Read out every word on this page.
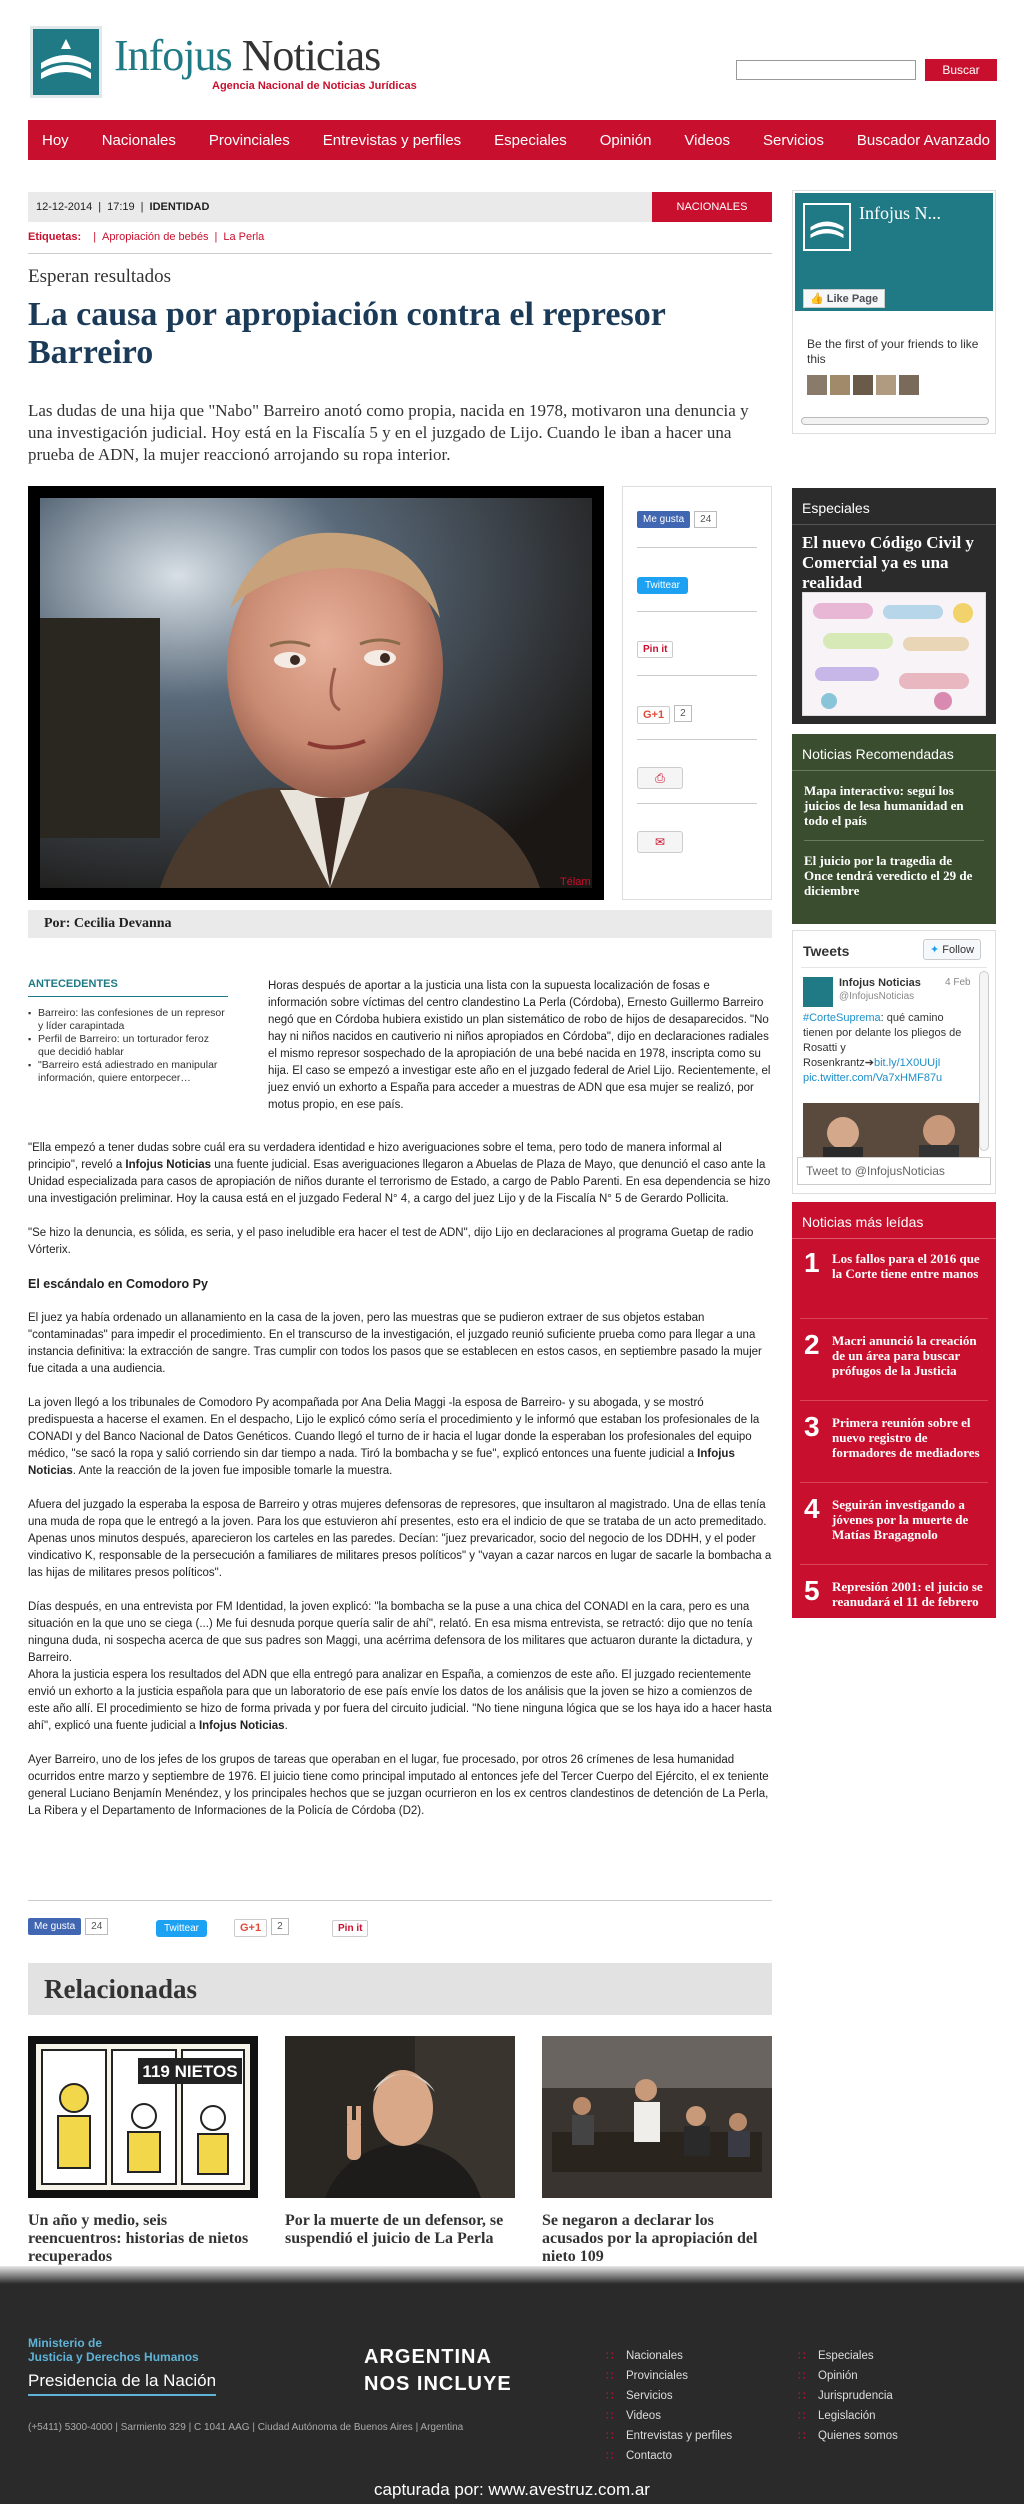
Infojus Noticias
Agencia Nacional de Noticias Jurídicas
Buscar
Hoy Nacionales Provinciales Entrevistas y perfiles Especiales Opinión Videos Servicios Buscador Avanzado
12-12-2014 | 17:19 | IDENTIDAD	NACIONALES
Etiquetas: | Apropiación de bebés | La Perla
Esperan resultados
La causa por apropiación contra el represor Barreiro

Las dudas de una hija que "Nabo" Barreiro anotó como propia, nacida en 1978, motivaron una denuncia y una investigación judicial. Hoy está en la Fiscalía 5 y en el juzgado de Lijo. Cuando le iban a hacer una prueba de ADN, la mujer reaccionó arrojando su ropa interior.

Télam
Me gusta 24
Twittear
Pin it
G+1 2
⎙
✉
Por: Cecilia Devanna
ANTECEDENTES
▪ Barreiro: las confesiones de un represor y líder carapintada
▪ Perfil de Barreiro: un torturador feroz que decidió hablar
▪ "Barreiro está adiestrado en manipular información, quiere entorpecer…

Horas después de aportar a la justicia una lista con la supuesta localización de fosas e información sobre víctimas del centro clandestino La Perla (Córdoba), Ernesto Guillermo Barreiro negó que en Córdoba hubiera existido un plan sistemático de robo de hijos de desaparecidos. "No hay ni niños nacidos en cautiverio ni niños apropiados en Córdoba", dijo en declaraciones radiales el mismo represor sospechado de la apropiación de una bebé nacida en 1978, inscripta como su hija. El caso se empezó a investigar este año en el juzgado federal de Ariel Lijo. Recientemente, el juez envió un exhorto a España para acceder a muestras de ADN que esa mujer se realizó, por motus propio, en ese país.

"Ella empezó a tener dudas sobre cuál era su verdadera identidad e hizo averiguaciones sobre el tema, pero todo de manera informal al principio", reveló a Infojus Noticias una fuente judicial. Esas averiguaciones llegaron a Abuelas de Plaza de Mayo, que denunció el caso ante la Unidad especializada para casos de apropiación de niños durante el terrorismo de Estado, a cargo de Pablo Parenti. En esa dependencia se hizo una investigación preliminar. Hoy la causa está en el juzgado Federal N° 4, a cargo del juez Lijo y de la Fiscalía N° 5 de Gerardo Pollicita.

"Se hizo la denuncia, es sólida, es seria, y el paso ineludible era hacer el test de ADN", dijo Lijo en declaraciones al programa Guetap de radio Vórterix.

El escándalo en Comodoro Py

El juez ya había ordenado un allanamiento en la casa de la joven, pero las muestras que se pudieron extraer de sus objetos estaban "contaminadas" para impedir el procedimiento. En el transcurso de la investigación, el juzgado reunió suficiente prueba como para llegar a una instancia definitiva: la extracción de sangre. Tras cumplir con todos los pasos que se establecen en estos casos, en septiembre pasado la mujer fue citada a una audiencia.

La joven llegó a los tribunales de Comodoro Py acompañada por Ana Delia Maggi -la esposa de Barreiro- y su abogada, y se mostró predispuesta a hacerse el examen. En el despacho, Lijo le explicó cómo sería el procedimiento y le informó que estaban los profesionales de la CONADI y del Banco Nacional de Datos Genéticos. Cuando llegó el turno de ir hacia el lugar donde la esperaban los profesionales del equipo médico, "se sacó la ropa y salió corriendo sin dar tiempo a nada. Tiró la bombacha y se fue", explicó entonces una fuente judicial a Infojus Noticias. Ante la reacción de la joven fue imposible tomarle la muestra.

Afuera del juzgado la esperaba la esposa de Barreiro y otras mujeres defensoras de represores, que insultaron al magistrado. Una de ellas tenía una muda de ropa que le entregó a la joven. Para los que estuvieron ahí presentes, esto era el indicio de que se trataba de un acto premeditado. Apenas unos minutos después, aparecieron los carteles en las paredes. Decían: "juez prevaricador, socio del negocio de los DDHH, y el poder vindicativo K, responsable de la persecución a familiares de militares presos políticos" y "vayan a cazar narcos en lugar de sacarle la bombacha a las hijas de militares presos políticos".

Días después, en una entrevista por FM Identidad, la joven explicó: "la bombacha se la puse a una chica del CONADI en la cara, pero es una situación en la que uno se ciega (...) Me fui desnuda porque quería salir de ahí", relató. En esa misma entrevista, se retractó: dijo que no tenía ninguna duda, ni sospecha acerca de que sus padres son Maggi, una acérrima defensora de los militares que actuaron durante la dictadura, y Barreiro.

Ahora la justicia espera los resultados del ADN que ella entregó para analizar en España, a comienzos de este año. El juzgado recientemente envió un exhorto a la justicia española para que un laboratorio de ese país envíe los datos de los análisis que la joven se hizo a comienzos de este año allí. El procedimiento se hizo de forma privada y por fuera del circuito judicial. "No tiene ninguna lógica que se los haya ido a hacer hasta ahí", explicó una fuente judicial a Infojus Noticias.

Ayer Barreiro, uno de los jefes de los grupos de tareas que operaban en el lugar, fue procesado, por otros 26 crímenes de lesa humanidad ocurridos entre marzo y septiembre de 1976. El juicio tiene como principal imputado al entonces jefe del Tercer Cuerpo del Ejército, el ex teniente general Luciano Benjamín Menéndez, y los principales hechos que se juzgan ocurrieron en los ex centros clandestinos de detención de La Perla, La Ribera y el Departamento de Informaciones de la Policía de Córdoba (D2).

Me gusta 24	Twittear	G+1 2	Pin it
Relacionadas
119 NIETOS
Un año y medio, seis reencuentros: historias de nietos recuperados
Por la muerte de un defensor, se suspendió el juicio de La Perla
Se negaron a declarar los acusados por la apropiación del nieto 109
Infojus N...
👍 Like Page
Be the first of your friends to like this
Especiales
El nuevo Código Civil y Comercial ya es una realidad
Noticias Recomendadas
Mapa interactivo: seguí los juicios de lesa humanidad en todo el país
El juicio por la tragedia de Once tendrá veredicto el 29 de diciembre
Tweets	✦ Follow
Infojus Noticias
@InfojusNoticias
4 Feb
#CorteSuprema: qué camino tienen por delante los pliegos de Rosatti y Rosenkrantz➔bit.ly/1X0UUjI
pic.twitter.com/Va7xHMF87u
Tweet to @InfojusNoticias
Noticias más leídas
1 Los fallos para el 2016 que la Corte tiene entre manos
2 Macri anunció la creación de un área para buscar prófugos de la Justicia
3 Primera reunión sobre el nuevo registro de formadores de mediadores
4 Seguirán investigando a jóvenes por la muerte de Matías Bragagnolo
5 Represión 2001: el juicio se reanudará el 11 de febrero
Ministerio de
Justicia y Derechos Humanos
Presidencia de la Nación
(+5411) 5300-4000 | Sarmiento 329 | C 1041 AAG | Ciudad Autónoma de Buenos Aires | Argentina
ARGENTINA
NOS INCLUYE
∷ Nacionales
∷ Provinciales
∷ Servicios
∷ Videos
∷ Entrevistas y perfiles
∷ Contacto
∷ Especiales
∷ Opinión
∷ Jurisprudencia
∷ Legislación
∷ Quienes somos
capturada por: www.avestruz.com.ar
